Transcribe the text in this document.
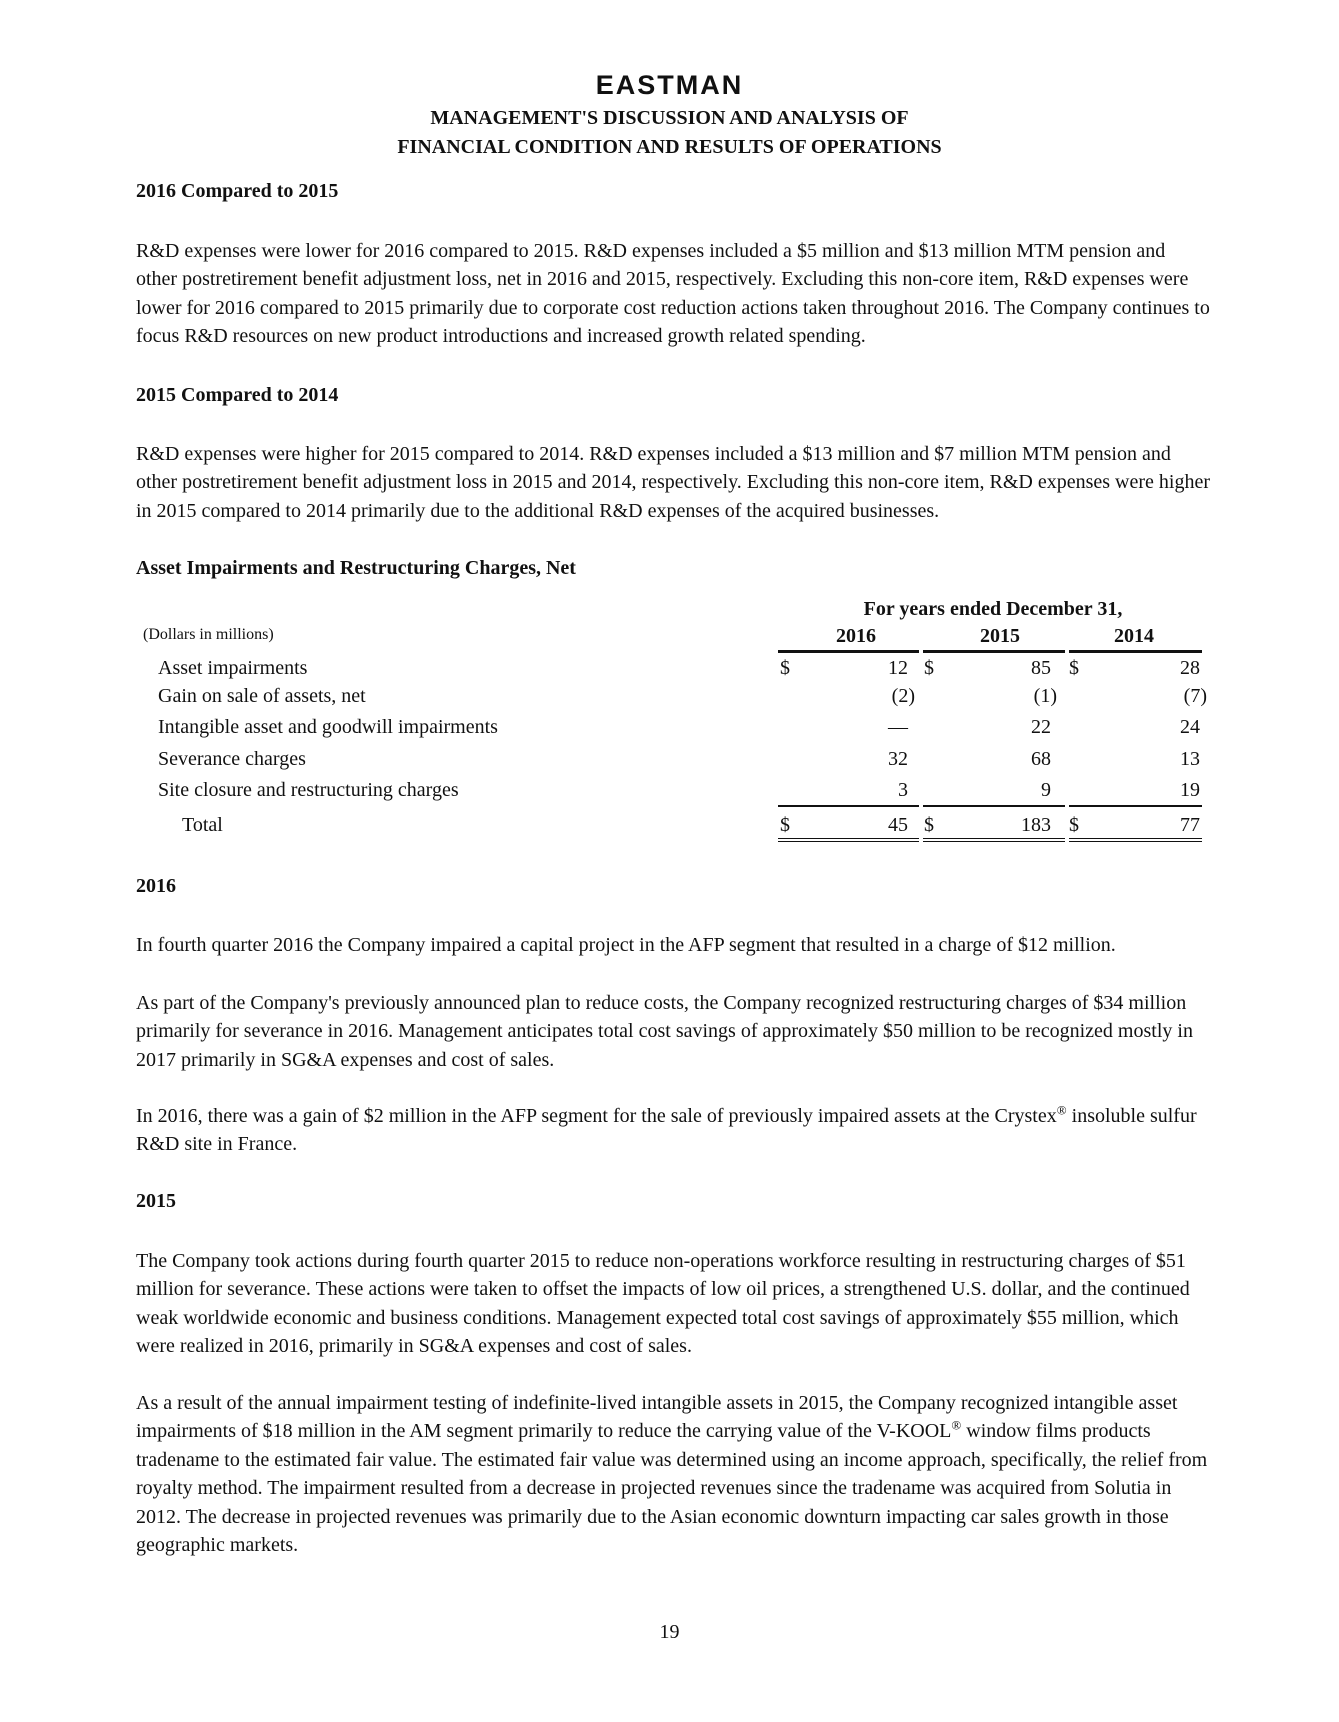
EASTMAN
MANAGEMENT'S DISCUSSION AND ANALYSIS OF
FINANCIAL CONDITION AND RESULTS OF OPERATIONS
2016 Compared to 2015

R&D expenses were lower for 2016 compared to 2015. R&D expenses included a $5 million and $13 million MTM pension and other postretirement benefit adjustment loss, net in 2016 and 2015, respectively. Excluding this non-core item, R&D expenses were lower for 2016 compared to 2015 primarily due to corporate cost reduction actions taken throughout 2016. The Company continues to focus R&D resources on new product introductions and increased growth related spending.

2015 Compared to 2014

R&D expenses were higher for 2015 compared to 2014. R&D expenses included a $13 million and $7 million MTM pension and other postretirement benefit adjustment loss in 2015 and 2014, respectively. Excluding this non-core item, R&D expenses were higher in 2015 compared to 2014 primarily due to the additional R&D expenses of the acquired businesses.

Asset Impairments and Restructuring Charges, Net
For years ended December 31,
(Dollars in millions)	2016	2015	2014
Asset impairments	$	12 $	85 $	28
Gain on sale of assets, net	(2)	(1)	(7)
Intangible asset and goodwill impairments	—	22	24
Severance charges	32	68	13
Site closure and restructuring charges	3	9	19
Total	$	45 $	183 $	77
2016

In fourth quarter 2016 the Company impaired a capital project in the AFP segment that resulted in a charge of $12 million.

As part of the Company's previously announced plan to reduce costs, the Company recognized restructuring charges of $34 million primarily for severance in 2016. Management anticipates total cost savings of approximately $50 million to be recognized mostly in 2017 primarily in SG&A expenses and cost of sales.

In 2016, there was a gain of $2 million in the AFP segment for the sale of previously impaired assets at the Crystex® insoluble sulfur R&D site in France.

2015

The Company took actions during fourth quarter 2015 to reduce non-operations workforce resulting in restructuring charges of $51 million for severance. These actions were taken to offset the impacts of low oil prices, a strengthened U.S. dollar, and the continued weak worldwide economic and business conditions. Management expected total cost savings of approximately $55 million, which were realized in 2016, primarily in SG&A expenses and cost of sales.

As a result of the annual impairment testing of indefinite-lived intangible assets in 2015, the Company recognized intangible asset impairments of $18 million in the AM segment primarily to reduce the carrying value of the V-KOOL® window films products tradename to the estimated fair value. The estimated fair value was determined using an income approach, specifically, the relief from royalty method. The impairment resulted from a decrease in projected revenues since the tradename was acquired from Solutia in 2012. The decrease in projected revenues was primarily due to the Asian economic downturn impacting car sales growth in those geographic markets.

19
